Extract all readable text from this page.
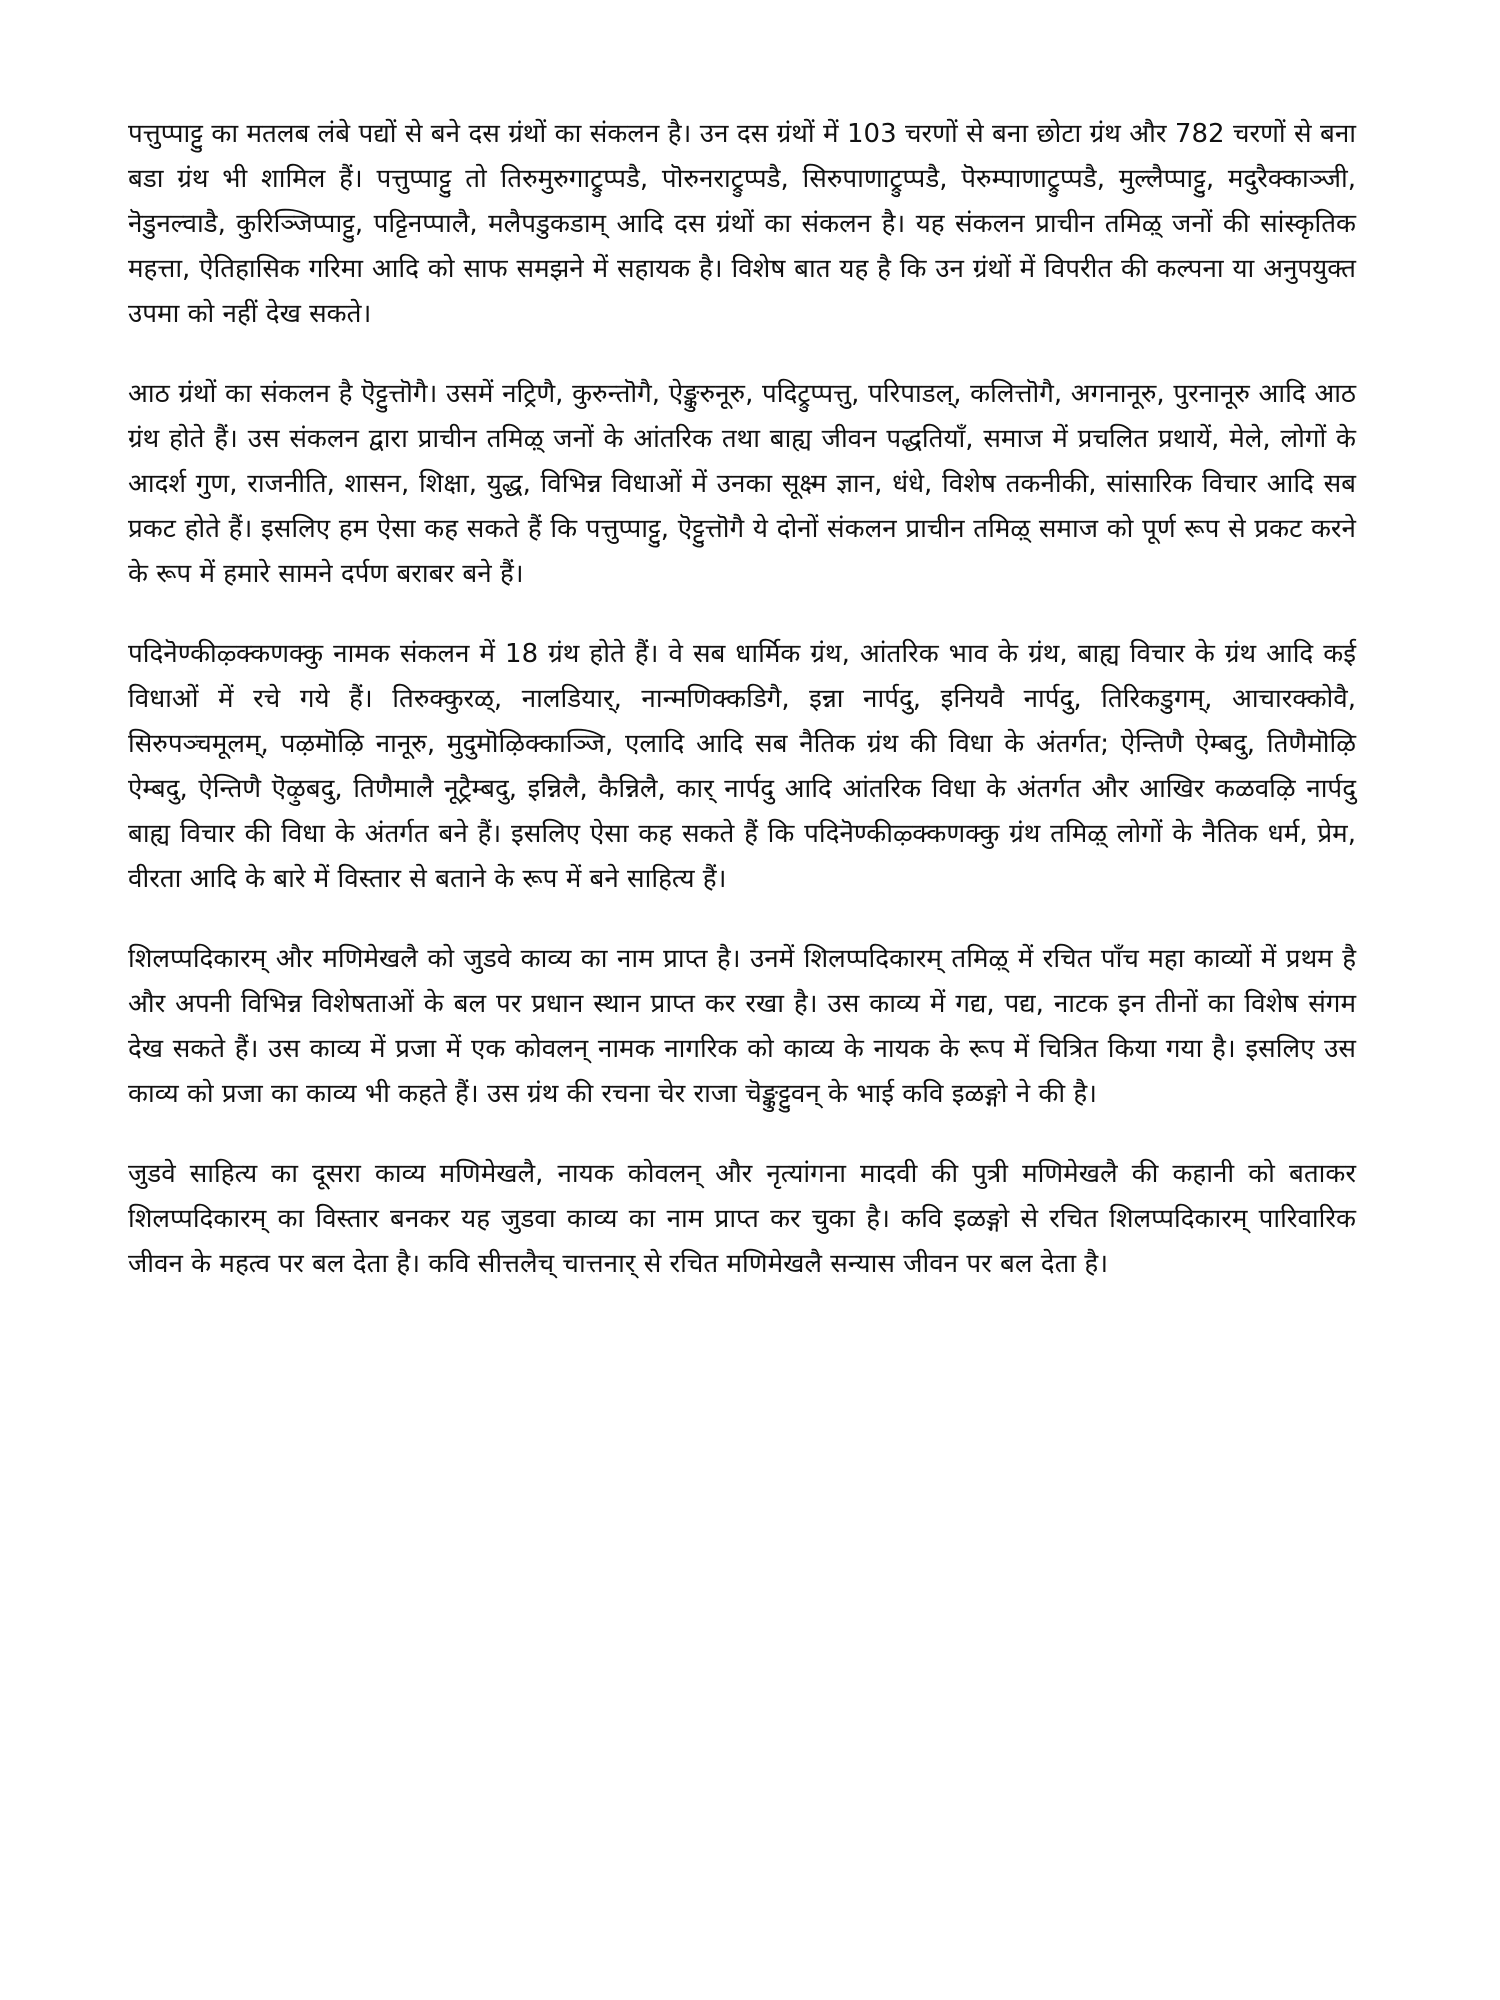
पत्तुप्पाट्टु का मतलब लंबे पद्यों से बने दस ग्रंथों का संकलन है। उन दस ग्रंथों में 103 चरणों से बना छोटा ग्रंथ और 782 चरणों से बना बडा ग्रंथ भी शामिल हैं। पत्तुप्पाट्टु तो तिरुमुरुगाट्रुप्पडै, पॊरुनराट्रुप्पडै, सिरुपाणाट्रुप्पडै, पॆरुम्पाणाट्रुप्पडै, मुल्लैप्पाट्टु, मदुरैक्काञ्जी, नॆडुनल्वाडै, कुरिञ्जिप्पाट्टु, पट्टिनप्पालै, मलैपडुकडाम् आदि दस ग्रंथों का संकलन है। यह संकलन प्राचीन तमिऴ् जनों की सांस्कृतिक महत्ता, ऐतिहासिक गरिमा आदि को साफ समझने में सहायक है। विशेष बात यह है कि उन ग्रंथों में विपरीत की कल्पना या अनुपयुक्त उपमा को नहीं देख सकते।

आठ ग्रंथों का संकलन है ऎट्टुत्तॊगै। उसमें नट्रिणै, कुरुन्तॊगै, ऐङ्कुरुनूरु, पदिट्रुप्पत्तु, परिपाडल्, कलित्तॊगै, अगनानूरु, पुरनानूरु आदि आठ ग्रंथ होते हैं। उस संकलन द्वारा प्राचीन तमिऴ् जनों के आंतरिक तथा बाह्य जीवन पद्धतियाँ, समाज में प्रचलित प्रथायें, मेले, लोगों के आदर्श गुण, राजनीति, शासन, शिक्षा, युद्ध, विभिन्न विधाओं में उनका सूक्ष्म ज्ञान, धंधे, विशेष तकनीकी, सांसारिक विचार आदि सब प्रकट होते हैं। इसलिए हम ऐसा कह सकते हैं कि पत्तुप्पाट्टु, ऎट्टुत्तॊगै ये दोनों संकलन प्राचीन तमिऴ् समाज को पूर्ण रूप से प्रकट करने के रूप में हमारे सामने दर्पण बराबर बने हैं।

पदिनॆण्कीऴ्क्कणक्कु नामक संकलन में 18 ग्रंथ होते हैं। वे सब धार्मिक ग्रंथ, आंतरिक भाव के ग्रंथ, बाह्य विचार के ग्रंथ आदि कई विधाओं में रचे गये हैं। तिरुक्कुरळ्, नालडियार्, नान्मणिक्कडिगै, इन्ना नार्पदु, इनियवै नार्पदु, तिरिकडुगम्, आचारक्कोवै, सिरुपञ्चमूलम्, पऴमॊऴि नानूरु, मुदुमॊऴिक्काञ्जि, एलादि आदि सब नैतिक ग्रंथ की विधा के अंतर्गत; ऐन्तिणै ऐम्बदु, तिणैमॊऴि ऐम्बदु, ऐन्तिणै ऎऴुबदु, तिणैमालै नूट्रैम्बदु, इन्निलै, कैन्निलै, कार् नार्पदु आदि आंतरिक विधा के अंतर्गत और आखिर कळवऴि नार्पदु बाह्य विचार की विधा के अंतर्गत बने हैं। इसलिए ऐसा कह सकते हैं कि पदिनॆण्कीऴ्क्कणक्कु ग्रंथ तमिऴ् लोगों के नैतिक धर्म, प्रेम, वीरता आदि के बारे में विस्तार से बताने के रूप में बने साहित्य हैं।

शिलप्पदिकारम् और मणिमेखलै को जुडवे काव्य का नाम प्राप्त है। उनमें शिलप्पदिकारम् तमिऴ् में रचित पाँच महा काव्यों में प्रथम है और अपनी विभिन्न विशेषताओं के बल पर प्रधान स्थान प्राप्त कर रखा है। उस काव्य में गद्य, पद्य, नाटक इन तीनों का विशेष संगम देख सकते हैं। उस काव्य में प्रजा में एक कोवलन् नामक नागरिक को काव्य के नायक के रूप में चित्रित किया गया है। इसलिए उस काव्य को प्रजा का काव्य भी कहते हैं। उस ग्रंथ की रचना चेर राजा चॆङ्कुट्टुवन् के भाई कवि इळङ्गो ने की है।

जुडवे साहित्य का दूसरा काव्य मणिमेखलै, नायक कोवलन् और नृत्यांगना मादवी की पुत्री मणिमेखलै की कहानी को बताकर शिलप्पदिकारम् का विस्तार बनकर यह जुडवा काव्य का नाम प्राप्त कर चुका है। कवि इळङ्गो से रचित शिलप्पदिकारम् पारिवारिक जीवन के महत्व पर बल देता है। कवि सीत्तलैच् चात्तनार् से रचित मणिमेखलै सन्यास जीवन पर बल देता है।
